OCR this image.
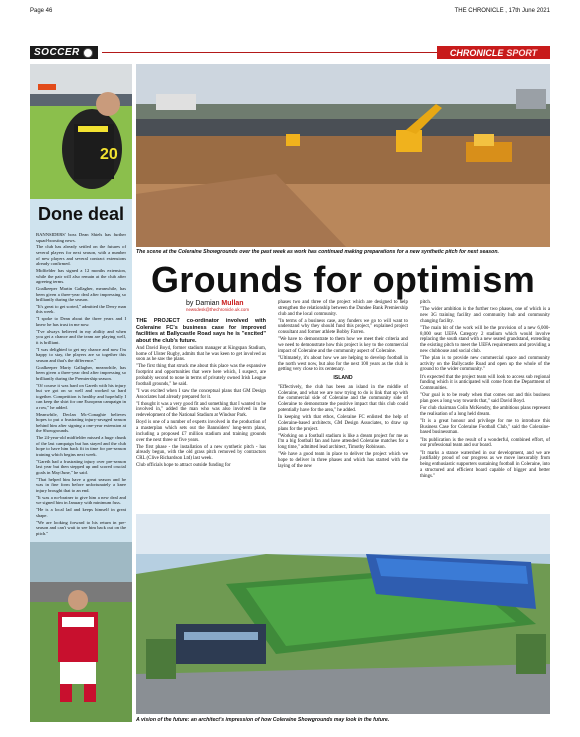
Page 46	THE CHRONICLE , 17th June 2021
SOCCER	CHRONICLE SPORT
20
Done deal

BANNSIDERS' boss Dean Shiels has further squad-boosting news.

The club has already settled on the futures of several players for next season, with a number of new players and several contract extensions already confirmed.

Midfielder has signed a 12 months extension, while the pair will also remain at the club after agreeing terms.

Goalkeeper Martin Gallagher, meanwhile, has been given a three-year deal after impressing so brilliantly during the season.

"It's great to get sorted," admitted the Derry man this week.

"I spoke to Dean about the three years and I knew he has trust in me now.

"I've always believed in my ability and when you get a chance and the team are playing well, it is brilliant.

"I was delighted to get my chance and now I'm happy to stay, the players are so together this season and that's the difference."

Goalkeeper Marty Gallagher, meanwhile, has been given a three-year deal after impressing so brilliantly during the Premiership season.

"Of course it was hard on Gareth with his injury but we got on so well and worked so hard together. Competition is healthy and hopefully I can keep the shirt for one European campaign in a row," he added.

Meanwhile, Declan Mc-Conaghie believes hopes to put a frustrating injury-ravaged season behind him after signing a one-year extension at the Showgrounds.

The 24-year-old midfielder missed a huge chunk of the last campaign but has stayed and the club hope to have him back fit in time for pre-season training which begins next week.

"Gareth had a frustrating injury over pre-season last year but then stepped up and scored crucial goals in May/June," he said.

"That helped him have a great season and he was in fine form before unfortunately a knee injury brought that to an end.

"It was a no-brainer to give him a new deal and we signed him in January with minimum fuss.

"He is a local lad and keeps himself in great shape.

"We are looking forward to his return in pre-season and can't wait to see him back out on the pitch."

The scene at the Coleraine Showgrounds over the past week as work has continued making preparations for a new synthetic pitch for next season.
Grounds for optimism
by Damian Mullan
newsdesk@thechronicle.uk.com

THE PROJECT co-ordinator involved with Coleraine FC's business case for improved facilities at Ballycastle Road says he is "excited" about the club's future.

And David Boyd, former stadium manager at Kingspan Stadium, home of Ulster Rugby, admits that he was keen to get involved as soon as he saw the plans.

"The first thing that struck me about this place was the expansive footprint and opportunities that were here which, I suspect, are probably second to none in terms of privately owned Irish League football grounds," he said.

"I was excited when I saw the conceptual plans that GM Design Associates had already prepared for it.

"I thought it was a very good fit and something that I wanted to be involved in," added the man who was also involved in the redevelopment of the National Stadium at Windsor Park.

Boyd is one of a number of experts involved in the production of a masterplan which sets out the Bannsiders' long-term plans, including a proposed £7 million stadium and training grounds over the next three or five years.

The first phase - the installation of a new synthetic pitch - has already begun, with the old grass pitch removed by contractors CRL (Clive Richardson Ltd) last week.

Club officials hope to attract outside funding for

phases two and three of the project which are designed to help strengthen the relationship between the Dundee Bank Premiership club and the local community.

"In terms of a business case, any funders we go to will want to understand why they should fund this project," explained project consultant and former athlete Bobby Farren.

"We have to demonstrate to them how we meet their criteria and we need to demonstrate how this project is key to the commercial impact of Coleraine and the community aspect of Coleraine.

"Ultimately, it's about how we are helping to develop football in the north west now, but also for the next 100 years as the club is getting very close to its centenary.

ISLAND

"Effectively, the club has been an island in the middle of Coleraine, and what we are now trying to do is link that up with the commercial side of Coleraine and the community side of Coleraine to demonstrate the positive impact that this club could potentially have for the area," he added.

In keeping with that ethos, Coleraine FC enlisted the help of Coleraine-based architects, GM Design Associates, to draw up plans for the project.

"Working on a football stadium is like a dream project for me as I'm a big football fan and have attended Coleraine matches for a long time," admitted lead architect, Timothy Robinson.

"We have a good team in place to deliver the project which we hope to deliver in three phases and which has started with the laying of the new

pitch.

"The wider ambition is the further two phases, one of which is a new 3G training facility and community hub and community changing facility.

"The main bit of the work will be the provision of a new 6,000-8,000 seat UEFA Category 2 stadium which would involve replacing the south stand with a new seated grandstand, extending the existing pitch to meet the UEFA requirements and providing a new clubhouse and social club.

"The plan is to provide new commercial space and community activity on the Ballycastle Road and open up the whole of the ground to the wider community."

It's expected that the project team will look to access sub regional funding which it is anticipated will come from the Department of Communities.

"Our goal is to be ready when that comes out and this business plan goes a long way towards that," said David Boyd.

For club chairman Colin McKendry, the ambitious plans represent the realisation of a long held dream.

"It is a great honour and privilege for me to introduce this Business Case for Coleraine Football Club," said the Coleraine-based businessman.

"Its publication is the result of a wonderful, combined effort, of our professional team and our board.

"It marks a stance watershed in our development, and we are justifiably proud of our progress as we move inexorably from being enthusiastic supporters sustaining football in Coleraine, into a structured and efficient board capable of bigger and better things."

A vision of the future: an architect's impression of how Coleraine Showgrounds may look in the future.
